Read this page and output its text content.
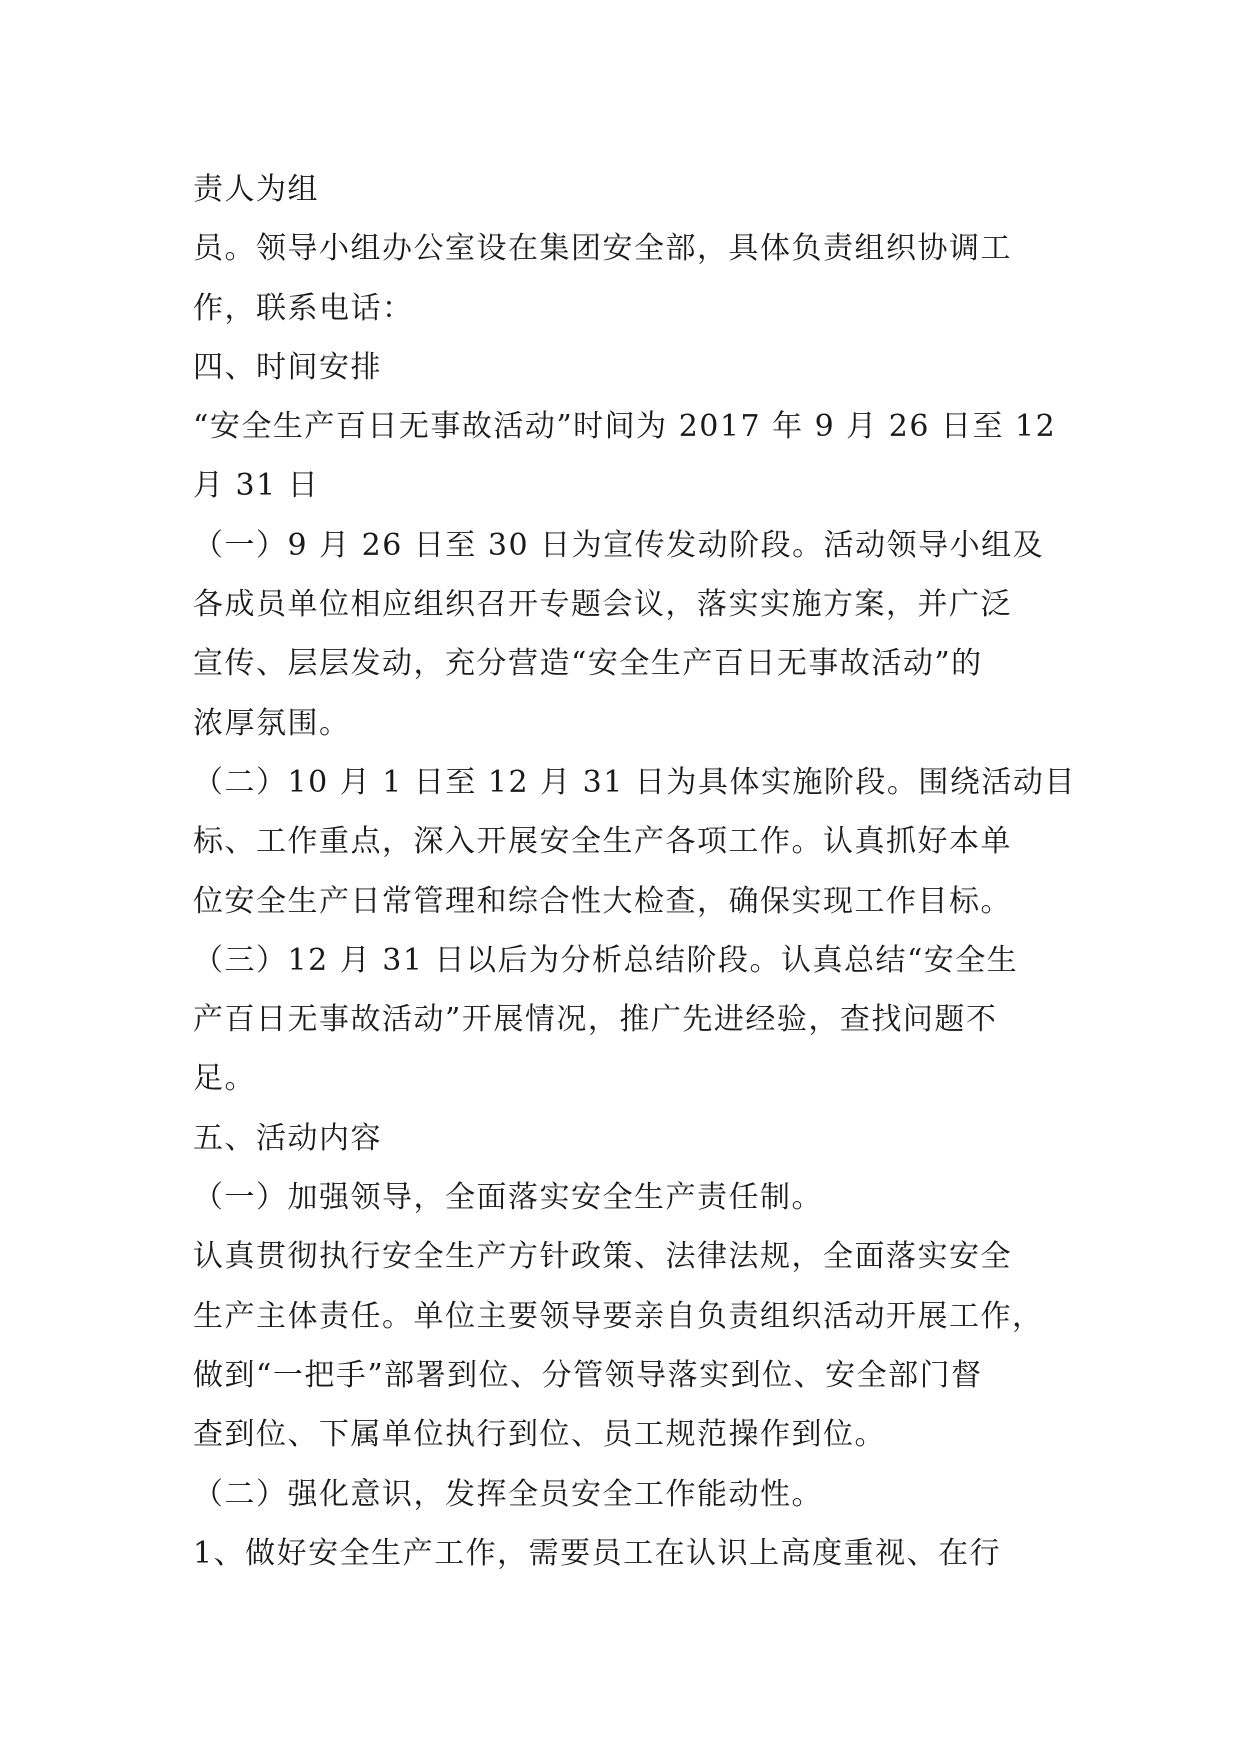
责人为组
员。领导小组办公室设在集团安全部，具体负责组织协调工
作，联系电话：
四、时间安排
“安全生产百日无事故活动”时间为 2017 年 9 月 26 日至 12
月 31 日
（一）9 月 26 日至 30 日为宣传发动阶段。活动领导小组及
各成员单位相应组织召开专题会议，落实实施方案，并广泛
宣传、层层发动，充分营造“安全生产百日无事故活动”的
浓厚氛围。
（二）10 月 1 日至 12 月 31 日为具体实施阶段。围绕活动目
标、工作重点，深入开展安全生产各项工作。认真抓好本单
位安全生产日常管理和综合性大检查，确保实现工作目标。
（三）12 月 31 日以后为分析总结阶段。认真总结“安全生
产百日无事故活动”开展情况，推广先进经验，查找问题不
足。
五、活动内容
（一）加强领导，全面落实安全生产责任制。
认真贯彻执行安全生产方针政策、法律法规，全面落实安全
生产主体责任。单位主要领导要亲自负责组织活动开展工作，
做到“一把手”部署到位、分管领导落实到位、安全部门督
查到位、下属单位执行到位、员工规范操作到位。
（二）强化意识，发挥全员安全工作能动性。
1、做好安全生产工作，需要员工在认识上高度重视、在行
